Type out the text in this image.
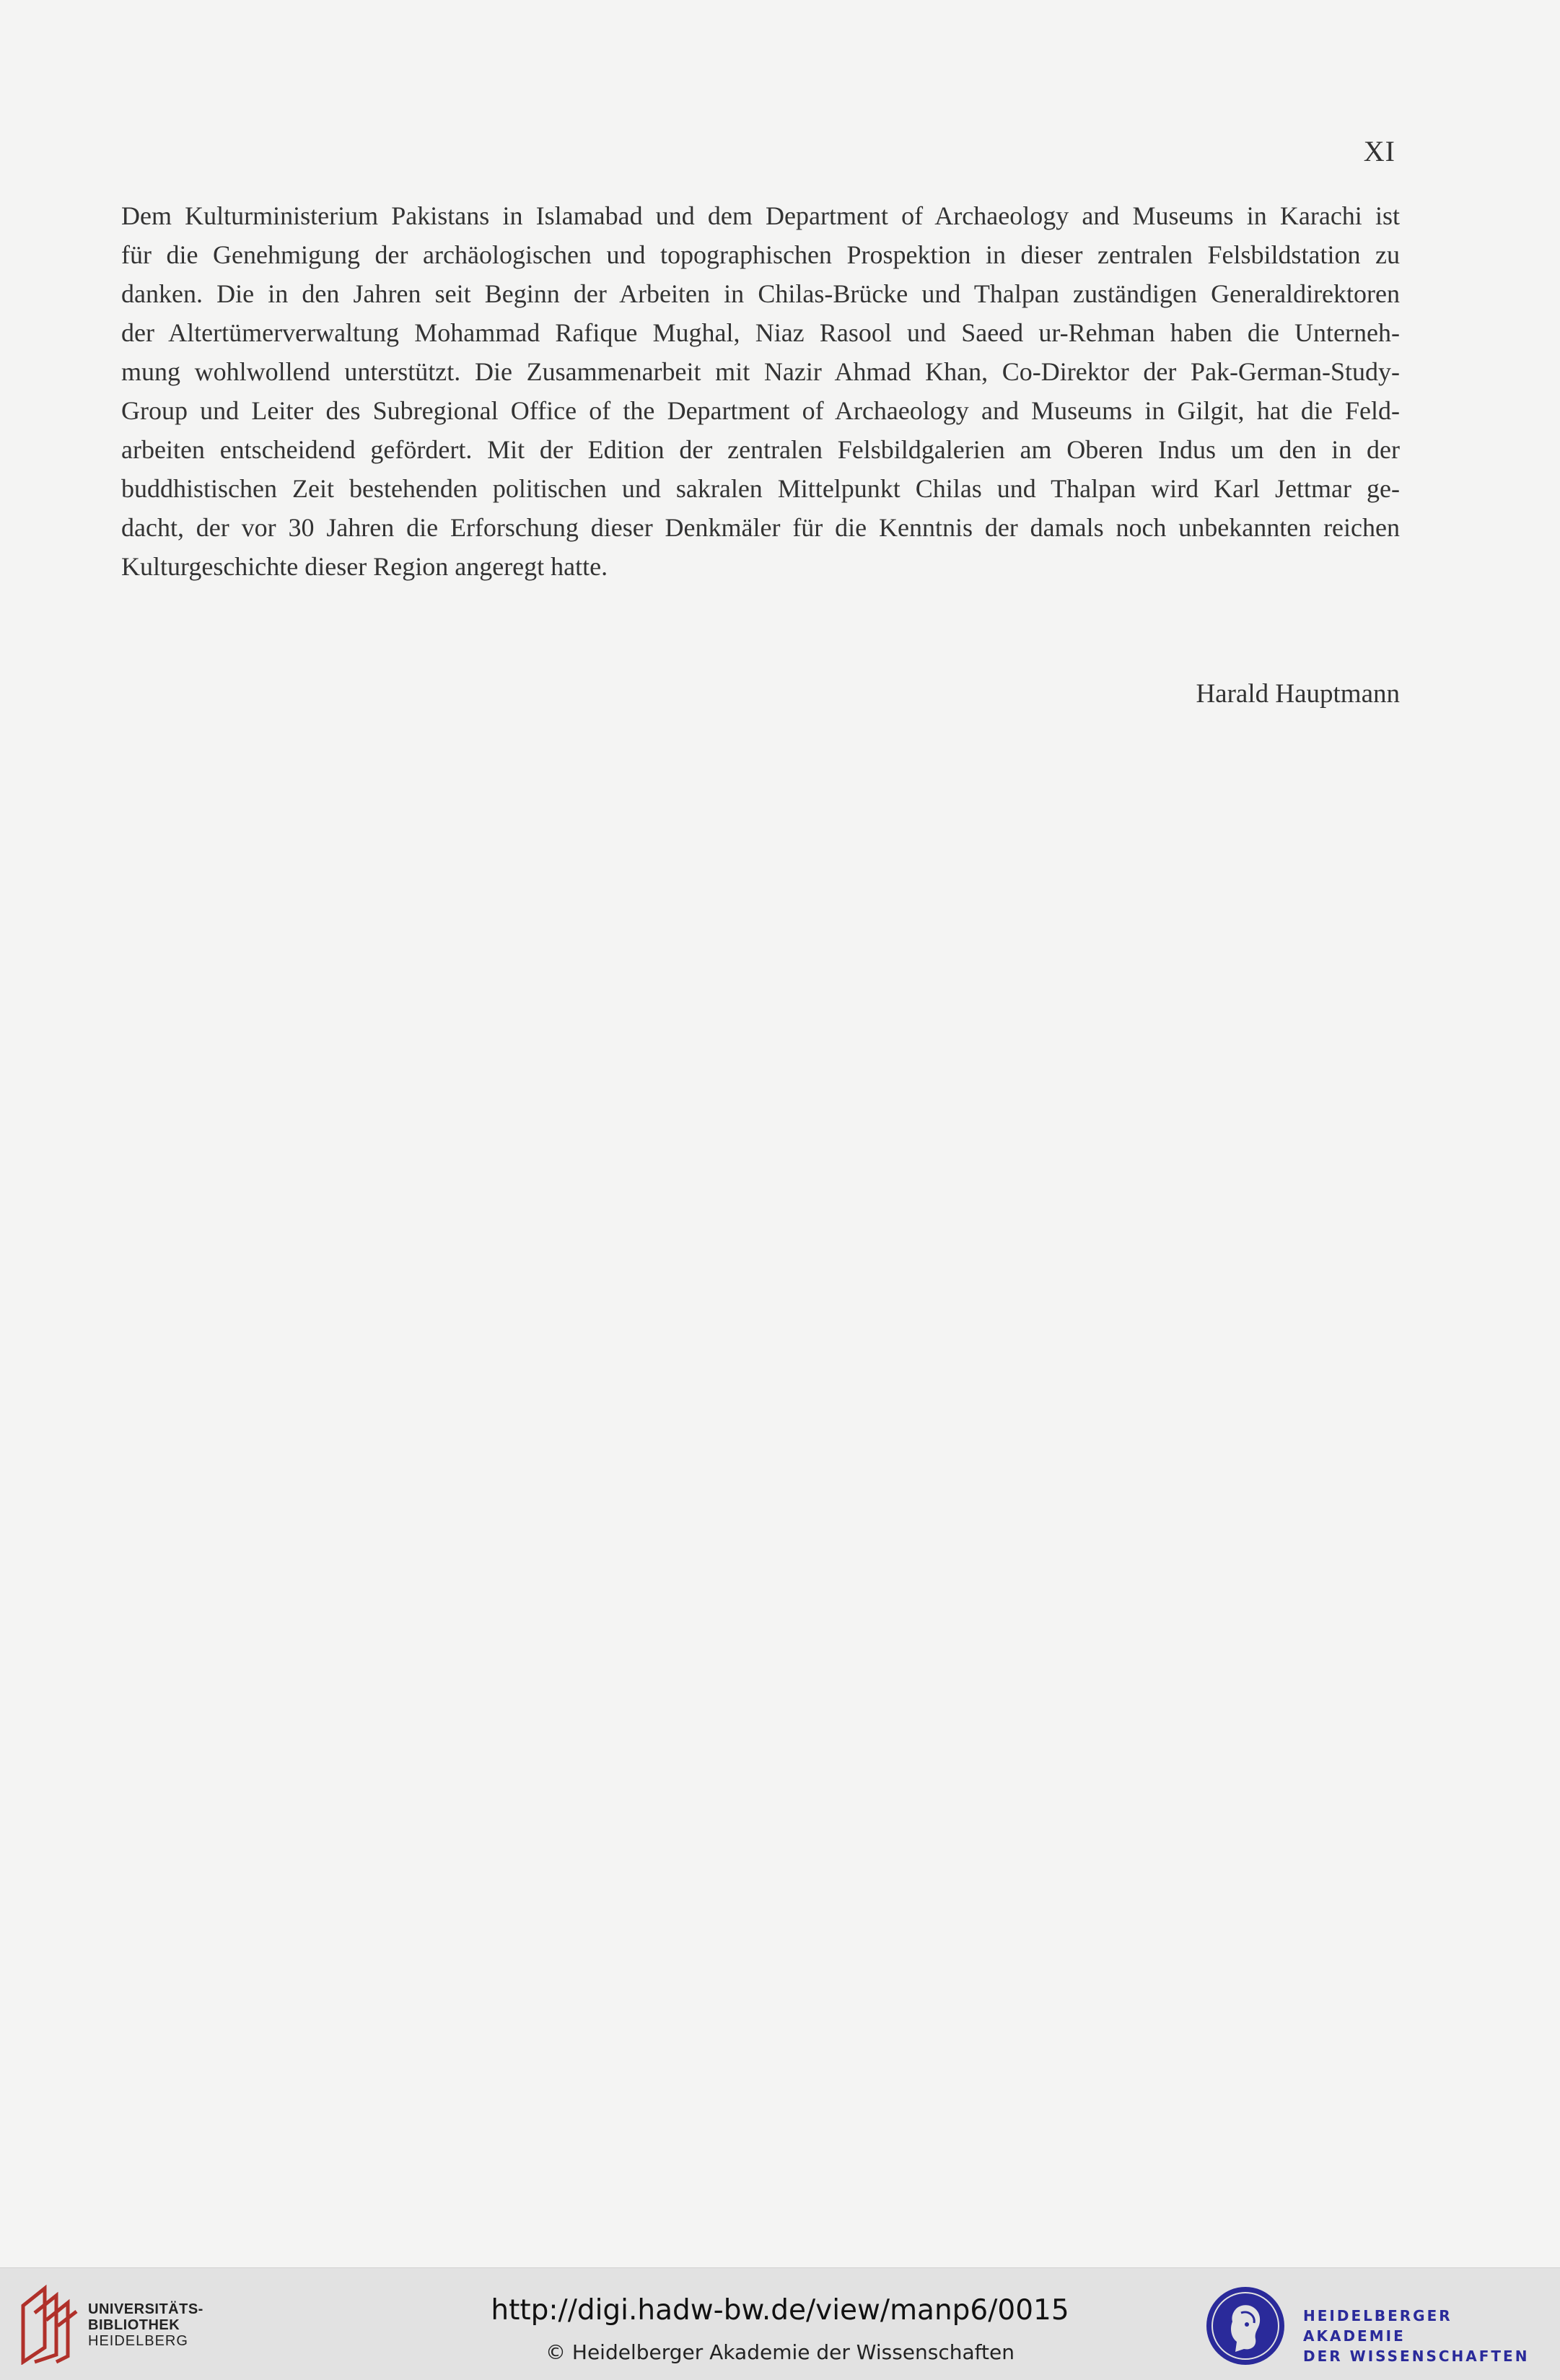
XI

Dem Kulturministerium Pakistans in Islamabad und dem Department of Archaeology and Museums in Karachi ist
für die Genehmigung der archäologischen und topographischen Prospektion in dieser zentralen Felsbildstation zu
danken. Die in den Jahren seit Beginn der Arbeiten in Chilas-Brücke und Thalpan zuständigen Generaldirektoren
der Altertümerverwaltung Mohammad Rafique Mughal, Niaz Rasool und Saeed ur-Rehman haben die Unterneh-
mung wohlwollend unterstützt. Die Zusammenarbeit mit Nazir Ahmad Khan, Co-Direktor der Pak-German-Study-
Group und Leiter des Subregional Office of the Department of Archaeology and Museums in Gilgit, hat die Feld-
arbeiten entscheidend gefördert. Mit der Edition der zentralen Felsbildgalerien am Oberen Indus um den in der
buddhistischen Zeit bestehenden politischen und sakralen Mittelpunkt Chilas und Thalpan wird Karl Jettmar ge-
dacht, der vor 30 Jahren die Erforschung dieser Denkmäler für die Kenntnis der damals noch unbekannten reichen
Kulturgeschichte dieser Region angeregt hatte.

Harald Hauptmann
UNIVERSITÄTS-
BIBLIOTHEK
HEIDELBERG
http://digi.hadw-bw.de/view/manp6/0015
© Heidelberger Akademie der Wissenschaften
HEIDELBERGER AKADEMIE
DER WISSENSCHAFTEN
